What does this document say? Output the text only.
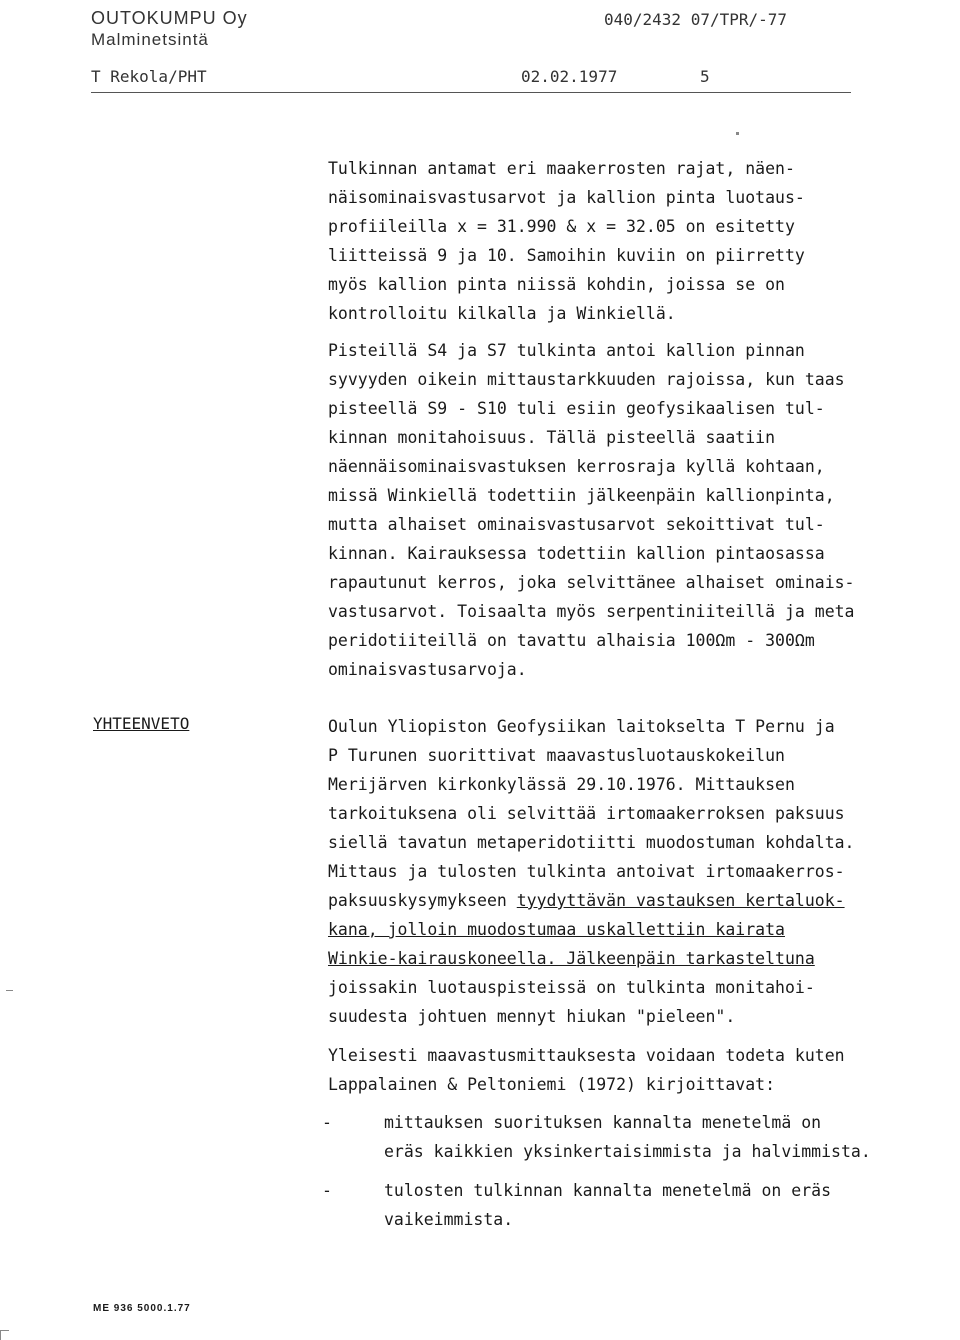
OUTOKUMPU Oy
Malminetsintä
040/2432 07/TPR/-77
T Rekola/PHT	02.02.1977	5
Tulkinnan antamat eri maakerrosten rajat, näen-
näisominaisvastusarvot ja kallion pinta luotaus-
profiileilla x = 31.990 & x = 32.05 on esitetty
liitteissä 9 ja 10. Samoihin kuviin on piirretty
myös kallion pinta niissä kohdin, joissa se on
kontrolloitu kilkalla ja Winkiellä.
Pisteillä S4 ja S7 tulkinta antoi kallion pinnan
syvyyden oikein mittaustarkkuuden rajoissa, kun taas
pisteellä S9 - S10 tuli esiin geofysikaalisen tul-
kinnan monitahoisuus. Tällä pisteellä saatiin
näennäisominaisvastuksen kerrosraja kyllä kohtaan,
missä Winkiellä todettiin jälkeenpäin kallionpinta,
mutta alhaiset ominaisvastusarvot sekoittivat tul-
kinnan. Kairauksessa todettiin kallion pintaosassa
rapautunut kerros, joka selvittänee alhaiset ominais-
vastusarvot. Toisaalta myös serpentiniiteillä ja meta
peridotiiteillä on tavattu alhaisia 100Ωm - 300Ωm
ominaisvastusarvoja.
YHTEENVETO	Oulun Yliopiston Geofysiikan laitokselta T Pernu ja
P Turunen suorittivat maavastusluotauskokeilun
Merijärven kirkonkylässä 29.10.1976. Mittauksen
tarkoituksena oli selvittää irtomaakerroksen paksuus
siellä tavatun metaperidotiitti muodostuman kohdalta.
Mittaus ja tulosten tulkinta antoivat irtomaakerros-
paksuuskysymykseen tyydyttävän vastauksen kertaluok-
kana, jolloin muodostumaa uskallettiin kairata
Winkie-kairauskoneella. Jälkeenpäin tarkasteltuna
joissakin luotauspisteissä on tulkinta monitahoi-
suudesta johtuen mennyt hiukan "pieleen".
Yleisesti maavastusmittauksesta voidaan todeta kuten
Lappalainen & Peltoniemi (1972) kirjoittavat:
-	mittauksen suorituksen kannalta menetelmä on
eräs kaikkien yksinkertaisimmista ja halvimmista.
-	tulosten tulkinnan kannalta menetelmä on eräs
vaikeimmista.
ME 936 5000.1.77
